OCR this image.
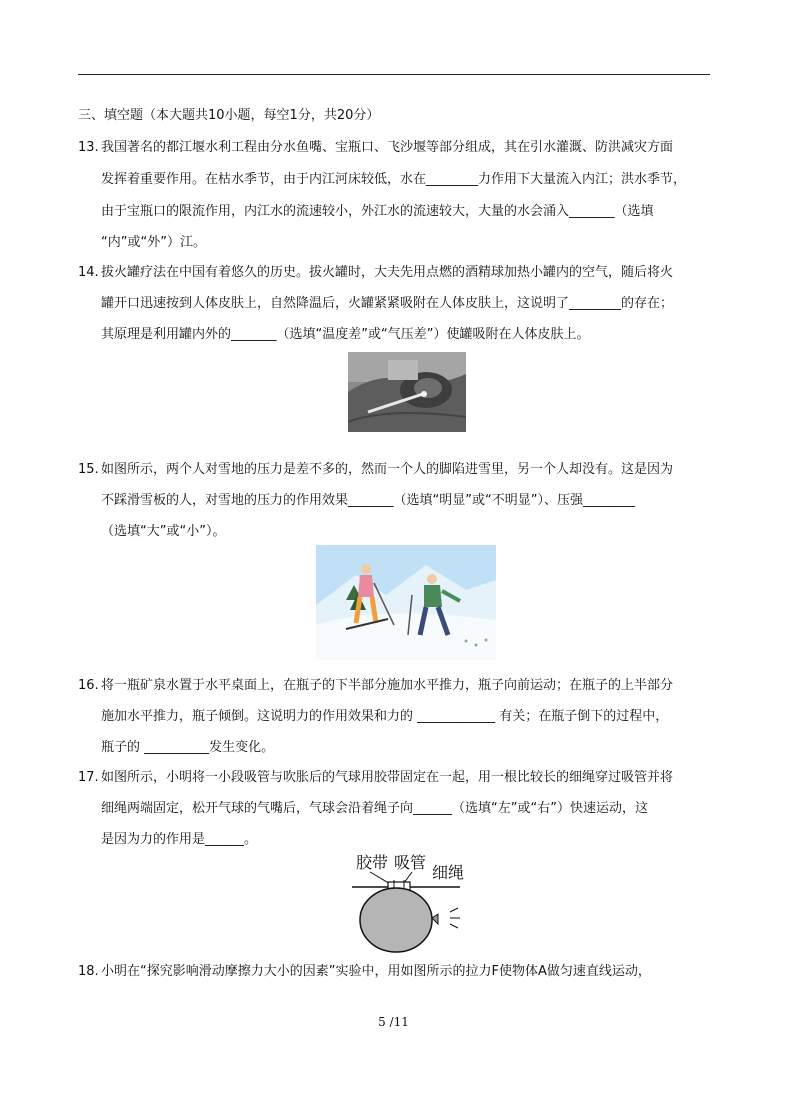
三、填空题（本大题共10小题，每空1分，共20分）
13. 我国著名的都江堰水利工程由分水鱼嘴、宝瓶口、飞沙堰等部分组成，其在引水灌溉、防洪减灾方面
发挥着重要作用。在枯水季节，由于内江河床较低，水在________力作用下大量流入内江；洪水季节，
由于宝瓶口的限流作用，内江水的流速较小，外江水的流速较大，大量的水会涌入_______（选填
“内”或“外”）江。
14. 拔火罐疗法在中国有着悠久的历史。拔火罐时，大夫先用点燃的酒精球加热小罐内的空气，随后将火
罐开口迅速按到人体皮肤上，自然降温后，火罐紧紧吸附在人体皮肤上，这说明了________的存在；
其原理是利用罐内外的_______（选填“温度差”或“气压差”）使罐吸附在人体皮肤上。
15. 如图所示，两个人对雪地的压力是差不多的，然而一个人的脚陷进雪里，另一个人却没有。这是因为
不踩滑雪板的人，对雪地的压力的作用效果_______（选填“明显”或“不明显”）、压强________
（选填“大”或“小”）。
16. 将一瓶矿泉水置于水平桌面上，在瓶子的下半部分施加水平推力，瓶子向前运动；在瓶子的上半部分
施加水平推力，瓶子倾倒。这说明力的作用效果和力的 ____________ 有关；在瓶子倒下的过程中，
瓶子的 __________发生变化。
17. 如图所示，小明将一小段吸管与吹胀后的气球用胶带固定在一起，用一根比较长的细绳穿过吸管并将
细绳两端固定，松开气球的气嘴后，气球会沿着绳子向______（选填“左”或“右”）快速运动，这
是因为力的作用是______。
胶带 吸管
细绳
18. 小明在“探究影响滑动摩擦力大小的因素”实验中，用如图所示的拉力F使物体A做匀速直线运动，
5 /11
